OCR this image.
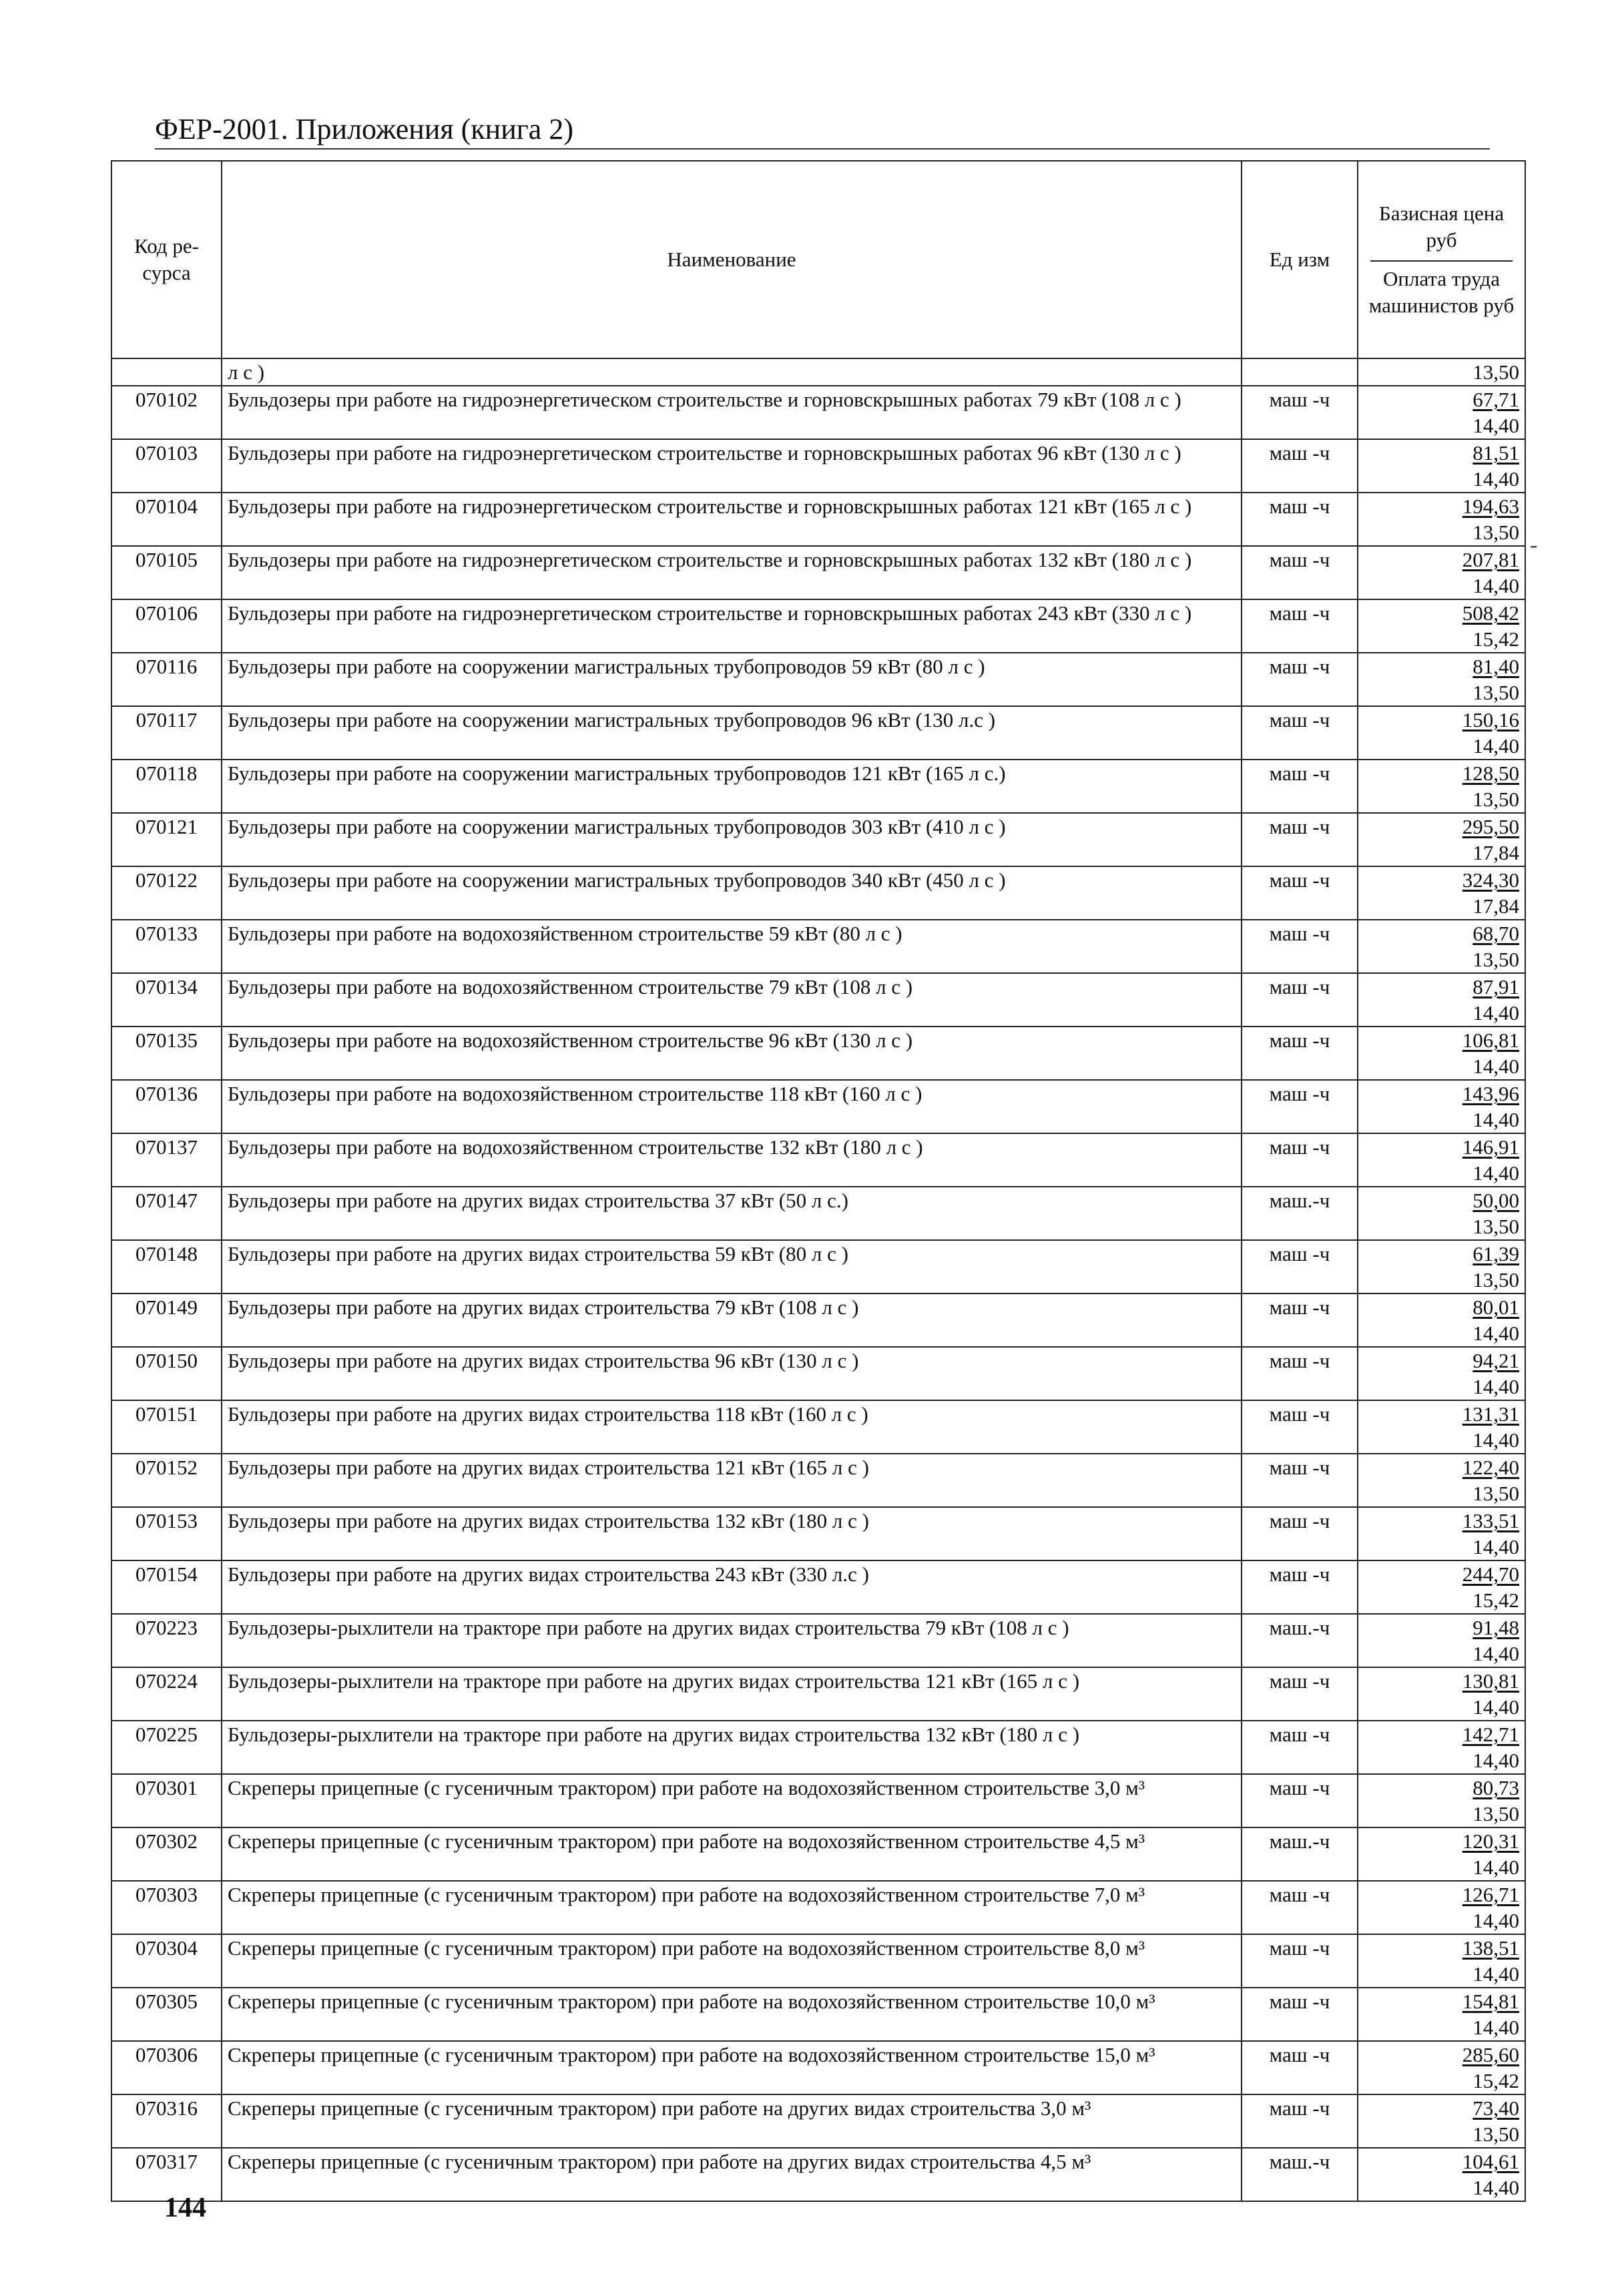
ФЕР-2001. Приложения (книга 2)
-
Код ре-сурса	Наименование	Ед изм	Базисная цена руб
Оплата труда машинистов руб

	л с )		13,50

070102	Бульдозеры при работе на гидроэнергетическом строительстве и горновскрышных работах 79 кВт (108 л с )	маш -ч	67,71
14,40

070103	Бульдозеры при работе на гидроэнергетическом строительстве и горновскрышных работах 96 кВт (130 л с )	маш -ч	81,51
14,40

070104	Бульдозеры при работе на гидроэнергетическом строительстве и горновскрышных работах 121 кВт (165 л с )	маш -ч	194,63
13,50

070105	Бульдозеры при работе на гидроэнергетическом строительстве и горновскрышных работах 132 кВт (180 л с )	маш -ч	207,81
14,40

070106	Бульдозеры при работе на гидроэнергетическом строительстве и горновскрышных работах 243 кВт (330 л с )	маш -ч	508,42
15,42

070116	Бульдозеры при работе на сооружении магистральных трубопроводов 59 кВт (80 л с )	маш -ч	81,40
13,50

070117	Бульдозеры при работе на сооружении магистральных трубопроводов 96 кВт (130 л.с )	маш -ч	150,16
14,40

070118	Бульдозеры при работе на сооружении магистральных трубопроводов 121 кВт (165 л с.)	маш -ч	128,50
13,50

070121	Бульдозеры при работе на сооружении магистральных трубопроводов 303 кВт (410 л с )	маш -ч	295,50
17,84

070122	Бульдозеры при работе на сооружении магистральных трубопроводов 340 кВт (450 л с )	маш -ч	324,30
17,84

070133	Бульдозеры при работе на водохозяйственном строительстве 59 кВт (80 л с )	маш -ч	68,70
13,50

070134	Бульдозеры при работе на водохозяйственном строительстве 79 кВт (108 л с )	маш -ч	87,91
14,40

070135	Бульдозеры при работе на водохозяйственном строительстве 96 кВт (130 л с )	маш -ч	106,81
14,40

070136	Бульдозеры при работе на водохозяйственном строительстве 118 кВт (160 л с )	маш -ч	143,96
14,40

070137	Бульдозеры при работе на водохозяйственном строительстве 132 кВт (180 л с )	маш -ч	146,91
14,40

070147	Бульдозеры при работе на других видах строительства 37 кВт (50 л с.)	маш.-ч	50,00
13,50

070148	Бульдозеры при работе на других видах строительства 59 кВт (80 л с )	маш -ч	61,39
13,50

070149	Бульдозеры при работе на других видах строительства 79 кВт (108 л с )	маш -ч	80,01
14,40

070150	Бульдозеры при работе на других видах строительства 96 кВт (130 л с )	маш -ч	94,21
14,40

070151	Бульдозеры при работе на других видах строительства 118 кВт (160 л с )	маш -ч	131,31
14,40

070152	Бульдозеры при работе на других видах строительства 121 кВт (165 л с )	маш -ч	122,40
13,50

070153	Бульдозеры при работе на других видах строительства 132 кВт (180 л с )	маш -ч	133,51
14,40

070154	Бульдозеры при работе на других видах строительства 243 кВт (330 л.с )	маш -ч	244,70
15,42

070223	Бульдозеры-рыхлители на тракторе при работе на других видах строительства 79 кВт (108 л с )	маш.-ч	91,48
14,40

070224	Бульдозеры-рыхлители на тракторе при работе на других видах строительства 121 кВт (165 л с )	маш -ч	130,81
14,40

070225	Бульдозеры-рыхлители на тракторе при работе на других видах строительства 132 кВт (180 л с )	маш -ч	142,71
14,40

070301	Скреперы прицепные (с гусеничным трактором) при работе на водохозяйственном строительстве 3,0 м³	маш -ч	80,73
13,50

070302	Скреперы прицепные (с гусеничным трактором) при работе на водохозяйственном строительстве 4,5 м³	маш.-ч	120,31
14,40

070303	Скреперы прицепные (с гусеничным трактором) при работе на водохозяйственном строительстве 7,0 м³	маш -ч	126,71
14,40

070304	Скреперы прицепные (с гусеничным трактором) при работе на водохозяйственном строительстве 8,0 м³	маш -ч	138,51
14,40

070305	Скреперы прицепные (с гусеничным трактором) при работе на водохозяйственном строительстве 10,0 м³	маш -ч	154,81
14,40

070306	Скреперы прицепные (с гусеничным трактором) при работе на водохозяйственном строительстве 15,0 м³	маш -ч	285,60
15,42

070316	Скреперы прицепные (с гусеничным трактором) при работе на других видах строительства 3,0 м³	маш -ч	73,40
13,50

070317	Скреперы прицепные (с гусеничным трактором) при работе на других видах строительства 4,5 м³	маш.-ч	104,61
14,40
144
